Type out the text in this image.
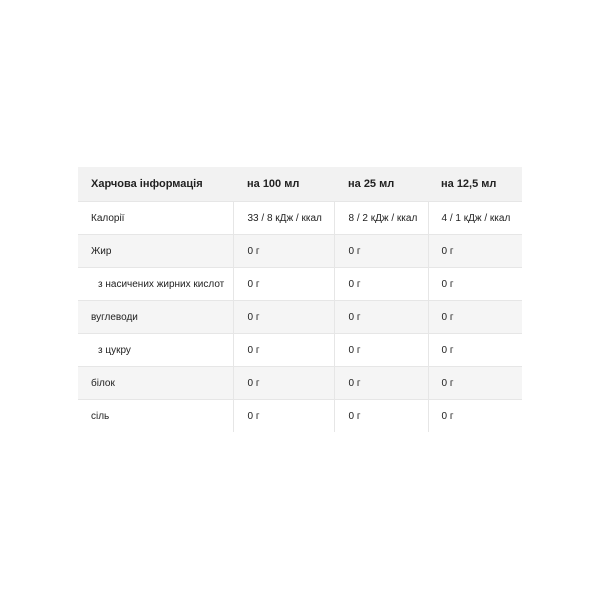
Харчова інформація	на 100 мл	на 25 мл	на 12,5 мл
Калорії	33 / 8 кДж / ккал	8 / 2 кДж / ккал	4 / 1 кДж / ккал
Жир	0 г	0 г	0 г
з насичених жирних кислот	0 г	0 г	0 г
вуглеводи	0 г	0 г	0 г
з цукру	0 г	0 г	0 г
білок	0 г	0 г	0 г
сіль	0 г	0 г	0 г
